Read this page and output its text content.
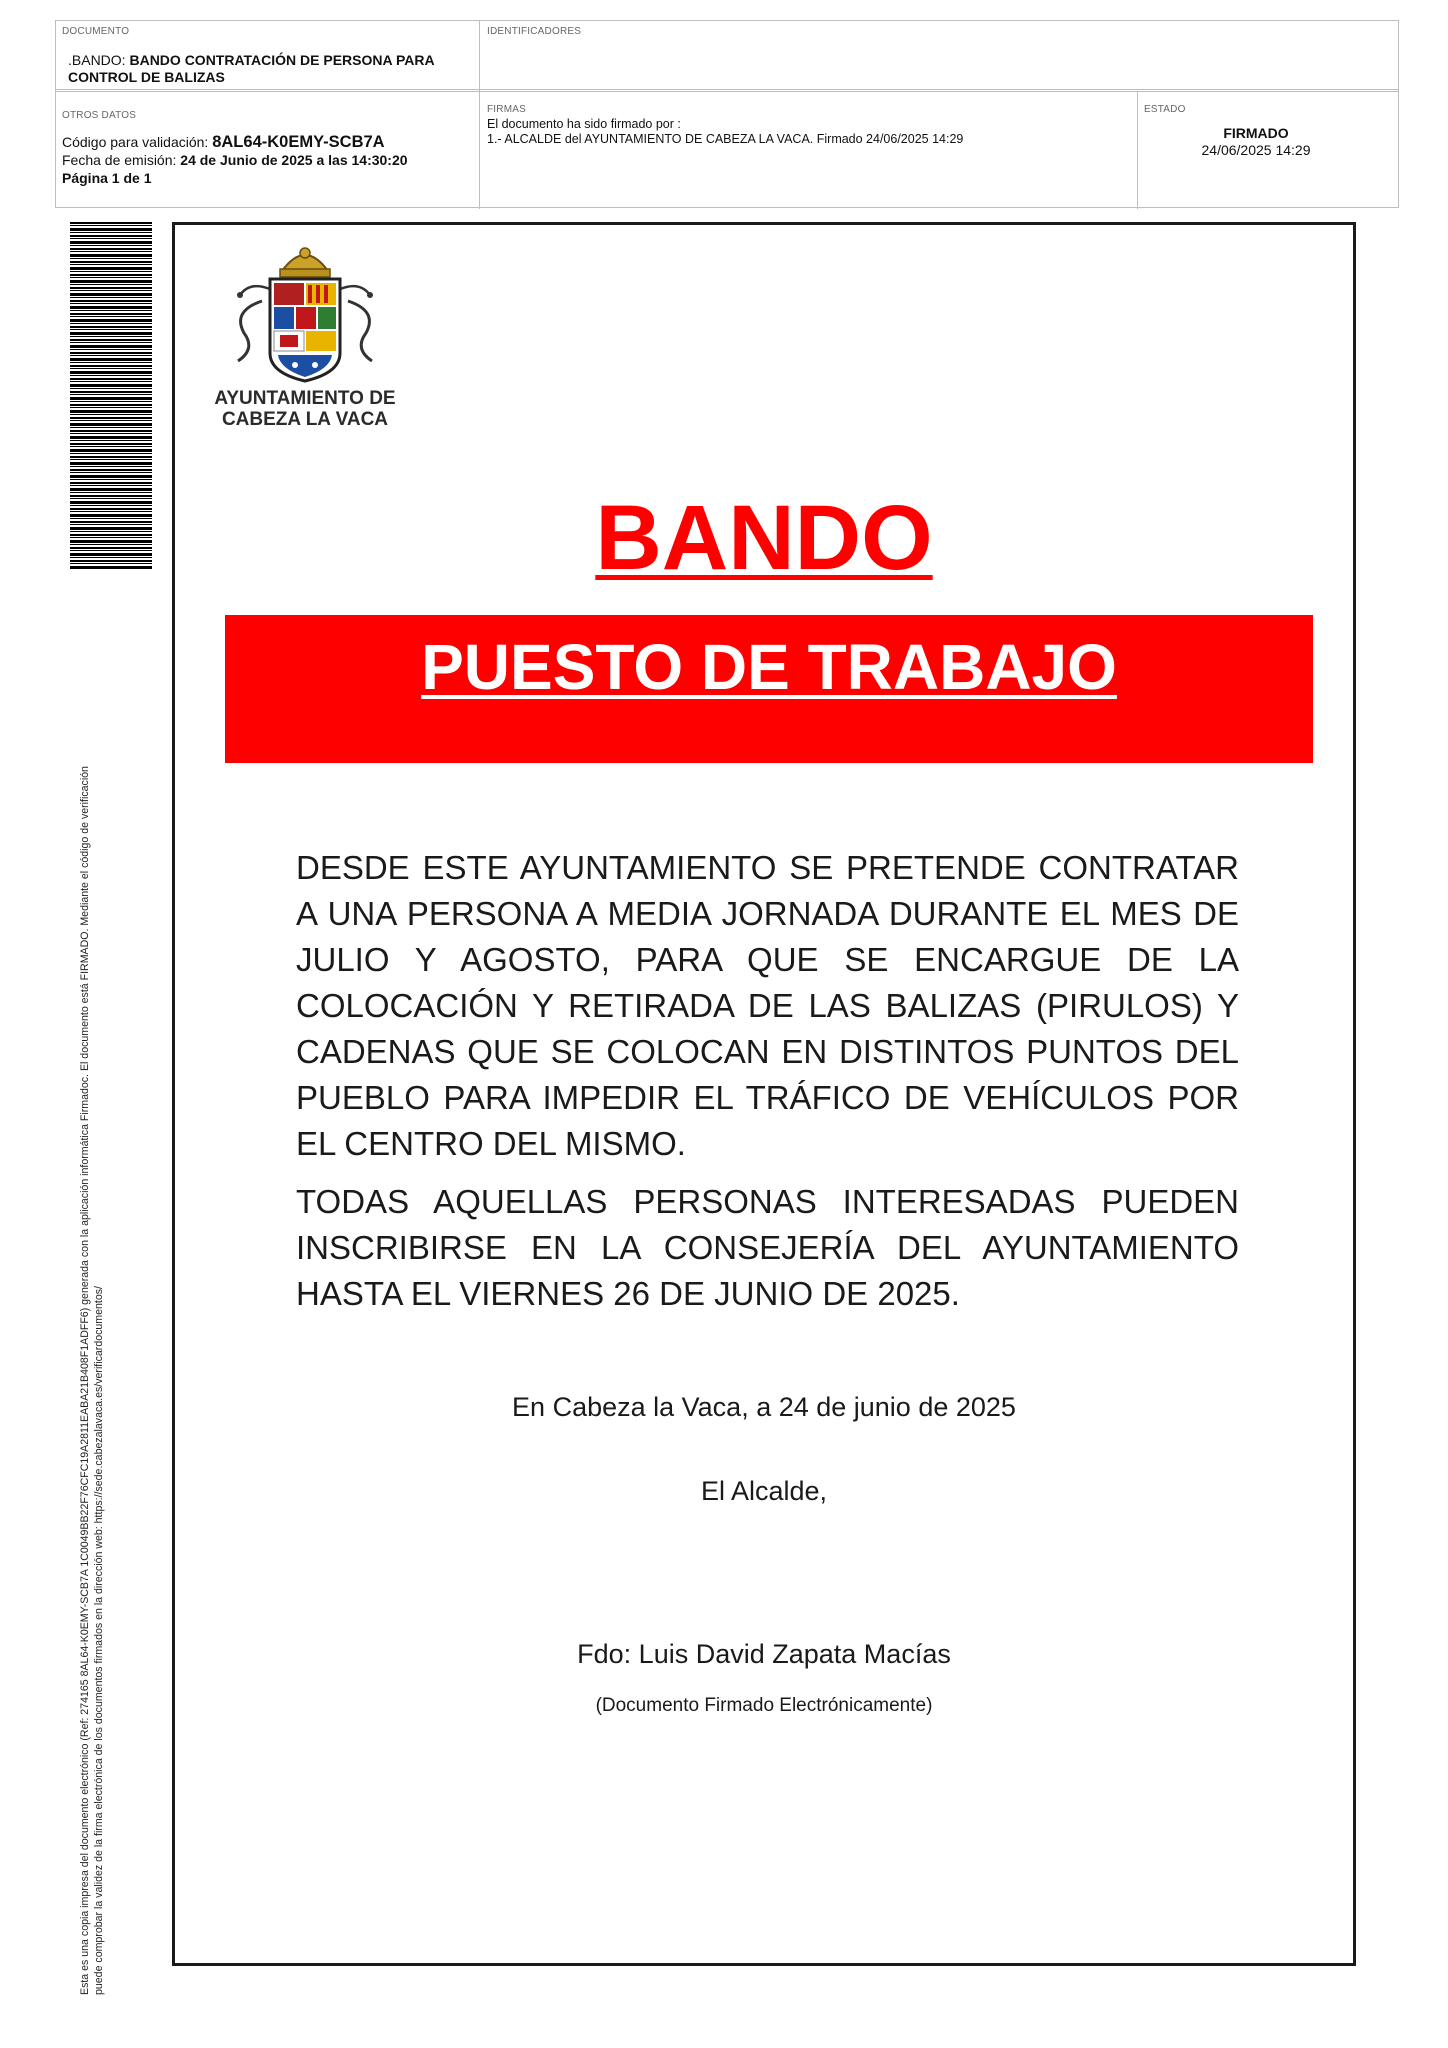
DOCUMENTO
.BANDO: BANDO CONTRATACIÓN DE PERSONA PARA CONTROL DE BALIZAS
IDENTIFICADORES
OTROS DATOS
Código para validación: 8AL64-K0EMY-SCB7A
Fecha de emisión: 24 de Junio de 2025 a las 14:30:20
Página 1 de 1
FIRMAS
El documento ha sido firmado por :
1.- ALCALDE del AYUNTAMIENTO DE CABEZA LA VACA. Firmado 24/06/2025 14:29
ESTADO
FIRMADO
24/06/2025 14:29
Esta es una copia impresa del documento electrónico (Ref: 274165 8AL64-K0EMY-SCB7A 1C0049BB22F76CFC19A2811EABA21B408F1ADFF6) generada con la aplicación informática Firmadoc. El documento está FIRMADO. Mediante el código de verificación puede comprobar la validez de la firma electrónica de los documentos firmados en la dirección web: https://sede.cabezalavaca.es/verificardocumentos/
AYUNTAMIENTO DE
CABEZA LA VACA
BANDO
PUESTO DE TRABAJO

DESDE ESTE AYUNTAMIENTO SE PRETENDE CONTRATAR A UNA PERSONA A MEDIA JORNADA DURANTE EL MES DE JULIO Y AGOSTO, PARA QUE SE ENCARGUE DE LA COLOCACIÓN Y RETIRADA DE LAS BALIZAS (PIRULOS) Y CADENAS QUE SE COLOCAN EN DISTINTOS PUNTOS DEL PUEBLO PARA IMPEDIR EL TRÁFICO DE VEHÍCULOS POR EL CENTRO DEL MISMO.

TODAS AQUELLAS PERSONAS INTERESADAS PUEDEN INSCRIBIRSE EN LA CONSEJERÍA DEL AYUNTAMIENTO HASTA EL VIERNES 26 DE JUNIO DE 2025.

En Cabeza la Vaca, a 24 de junio de 2025
El Alcalde,
Fdo: Luis David Zapata Macías
(Documento Firmado Electrónicamente)
